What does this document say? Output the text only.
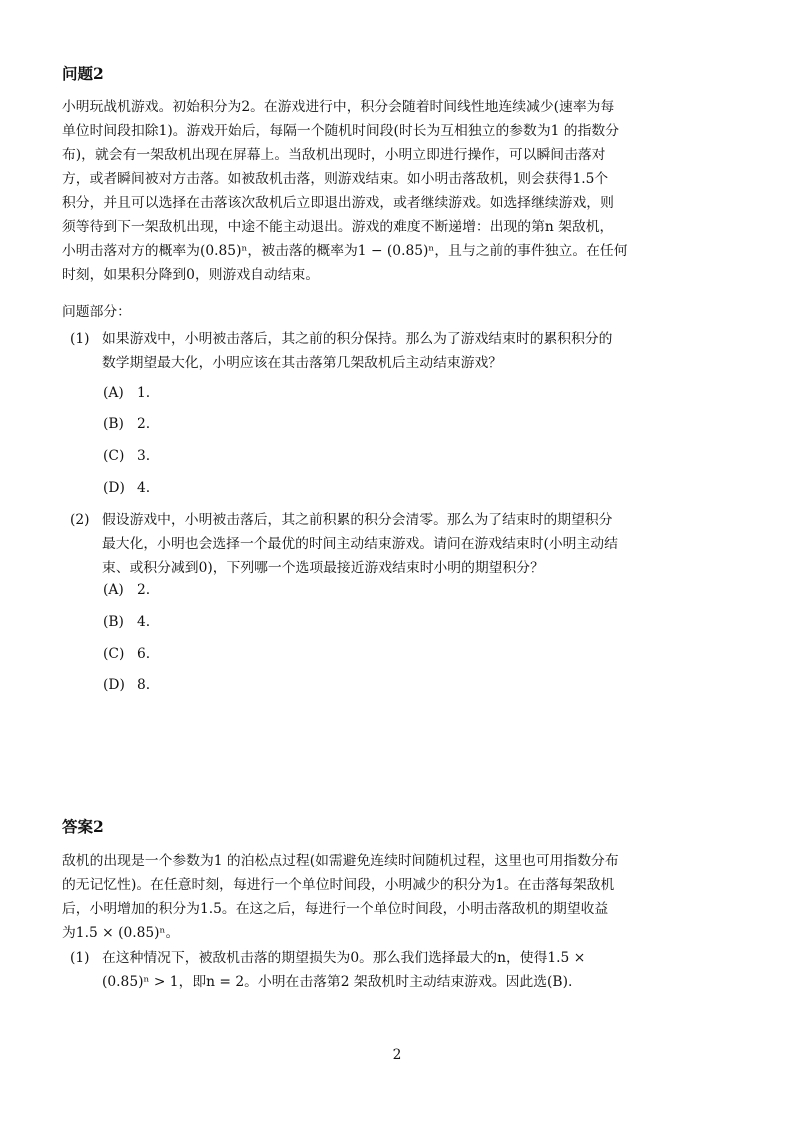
问题2
小明玩战机游戏。初始积分为2。在游戏进行中，积分会随着时间线性地连续减少(速率为每
单位时间段扣除1)。游戏开始后，每隔一个随机时间段(时长为互相独立的参数为1 的指数分
布)，就会有一架敌机出现在屏幕上。当敌机出现时，小明立即进行操作，可以瞬间击落对
方，或者瞬间被对方击落。如被敌机击落，则游戏结束。如小明击落敌机，则会获得1.5个
积分，并且可以选择在击落该次敌机后立即退出游戏，或者继续游戏。如选择继续游戏，则
须等待到下一架敌机出现，中途不能主动退出。游戏的难度不断递增：出现的第n 架敌机，
小明击落对方的概率为(0.85)ⁿ，被击落的概率为1 − (0.85)ⁿ，且与之前的事件独立。在任何
时刻，如果积分降到0，则游戏自动结束。
问题部分：
(1) 如果游戏中，小明被击落后，其之前的积分保持。那么为了游戏结束时的累积积分的
数学期望最大化，小明应该在其击落第几架敌机后主动结束游戏？
(A) 1.
(B) 2.
(C) 3.
(D) 4.
(2) 假设游戏中，小明被击落后，其之前积累的积分会清零。那么为了结束时的期望积分
最大化，小明也会选择一个最优的时间主动结束游戏。请问在游戏结束时(小明主动结
束、或积分减到0)，下列哪一个选项最接近游戏结束时小明的期望积分？
(A) 2.
(B) 4.
(C) 6.
(D) 8.
答案2
敌机的出现是一个参数为1 的泊松点过程(如需避免连续时间随机过程，这里也可用指数分布
的无记忆性)。在任意时刻，每进行一个单位时间段，小明减少的积分为1。在击落每架敌机
后，小明增加的积分为1.5。在这之后，每进行一个单位时间段，小明击落敌机的期望收益
为1.5 × (0.85)ⁿ。
(1) 在这种情况下，被敌机击落的期望损失为0。那么我们选择最大的n，使得1.5 ×
(0.85)ⁿ > 1，即n = 2。小明在击落第2 架敌机时主动结束游戏。因此选(B).
2
